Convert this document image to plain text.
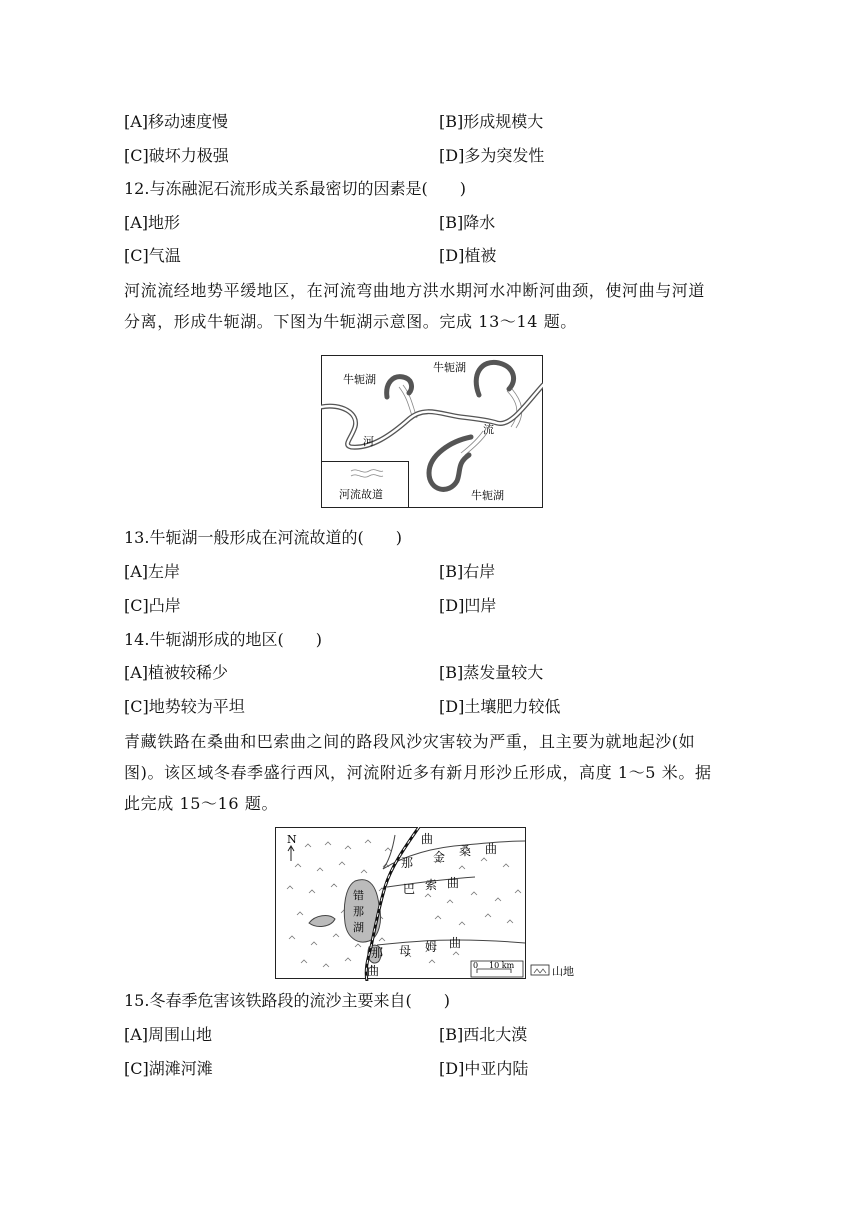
[A]移动速度慢	[B]形成规模大
[C]破坏力极强	[D]多为突发性
12.与冻融泥石流形成关系最密切的因素是(　　)
[A]地形	[B]降水
[C]气温	[D]植被
河流流经地势平缓地区，在河流弯曲地方洪水期河水冲断河曲颈，使河曲与河道
分离，形成牛轭湖。下图为牛轭湖示意图。完成 13～14 题。
河流故道
牛轭湖
牛轭湖
牛轭湖
河
流
13.牛轭湖一般形成在河流故道的(　　)
[A]左岸	[B]右岸
[C]凸岸	[D]凹岸
14.牛轭湖形成的地区(　　)
[A]植被较稀少	[B]蒸发量较大
[C]地势较为平坦	[D]土壤肥力较低
青藏铁路在桑曲和巴索曲之间的路段风沙灾害较为严重，且主要为就地起沙(如
图)。该区域冬春季盛行西风，河流附近多有新月形沙丘形成，高度 1～5 米。据
此完成 15～16 题。
N
错
那
湖
曲
那 金 桑 曲
巴 索 曲
母 姆 曲
那
曲	0 10 km	山地
15.冬春季危害该铁路段的流沙主要来自(　　)
[A]周围山地	[B]西北大漠
[C]湖滩河滩	[D]中亚内陆
